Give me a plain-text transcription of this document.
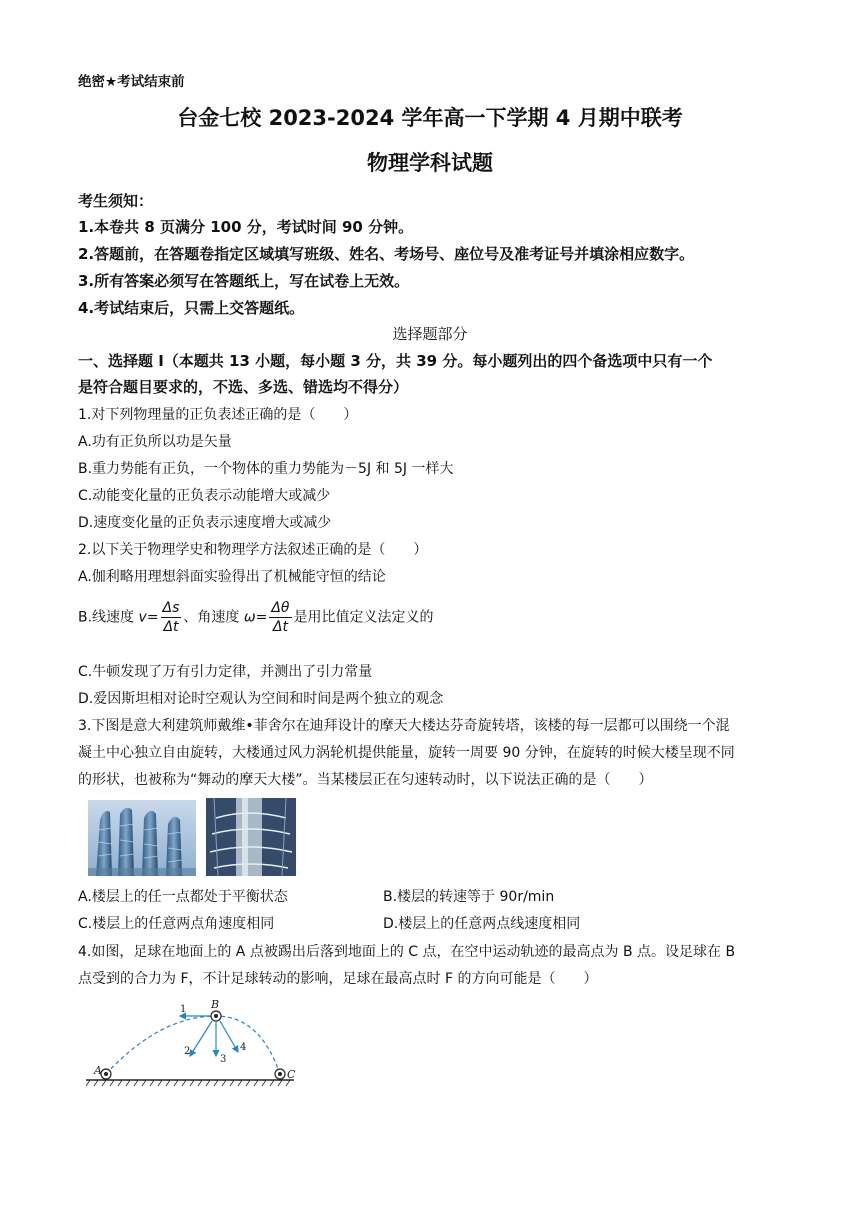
绝密★考试结束前
台金七校 2023-2024 学年高一下学期 4 月期中联考
物理学科试题
考生须知：
1.本卷共 8 页满分 100 分，考试时间 90 分钟。
2.答题前，在答题卷指定区域填写班级、姓名、考场号、座位号及准考证号并填涂相应数字。
3.所有答案必须写在答题纸上，写在试卷上无效。
4.考试结束后，只需上交答题纸。
选择题部分
一、选择题 I（本题共 13 小题，每小题 3 分，共 39 分。每小题列出的四个备选项中只有一个
是符合题目要求的，不选、多选、错选均不得分）
1.对下列物理量的正负表述正确的是（　　）
A.功有正负所以功是矢量
B.重力势能有正负，一个物体的重力势能为－5J 和 5J 一样大
C.动能变化量的正负表示动能增大或减少
D.速度变化量的正负表示速度增大或减少
2.以下关于物理学史和物理学方法叙述正确的是（　　）
A.伽利略用理想斜面实验得出了机械能守恒的结论
B.线速度 $v= \frac{\Delta s}{\Delta t}$ 、角速度 $\omega= \frac{\Delta\theta}{\Delta t}$ 是用比值定义法定义的
C.牛顿发现了万有引力定律，并测出了引力常量
D.爱因斯坦相对论时空观认为空间和时间是两个独立的观念
3.下图是意大利建筑师戴维•菲舍尔在迪拜设计的摩天大楼达芬奇旋转塔，该楼的每一层都可以围绕一个混
凝土中心独立自由旋转，大楼通过风力涡轮机提供能量，旋转一周要 90 分钟，在旋转的时候大楼呈现不同
的形状，也被称为“舞动的摩天大楼”。当某楼层正在匀速转动时，以下说法正确的是（　　）
A.楼层上的任一点都处于平衡状态	B.楼层的转速等于 90r/min
C.楼层上的任意两点角速度相同	D.楼层上的任意两点线速度相同
4.如图，足球在地面上的 A 点被踢出后落到地面上的 C 点，在空中运动轨迹的最高点为 B 点。设足球在 B
点受到的合力为 F，不计足球转动的影响，足球在最高点时 F 的方向可能是（　　）
1
2
3
4
B
A	C
